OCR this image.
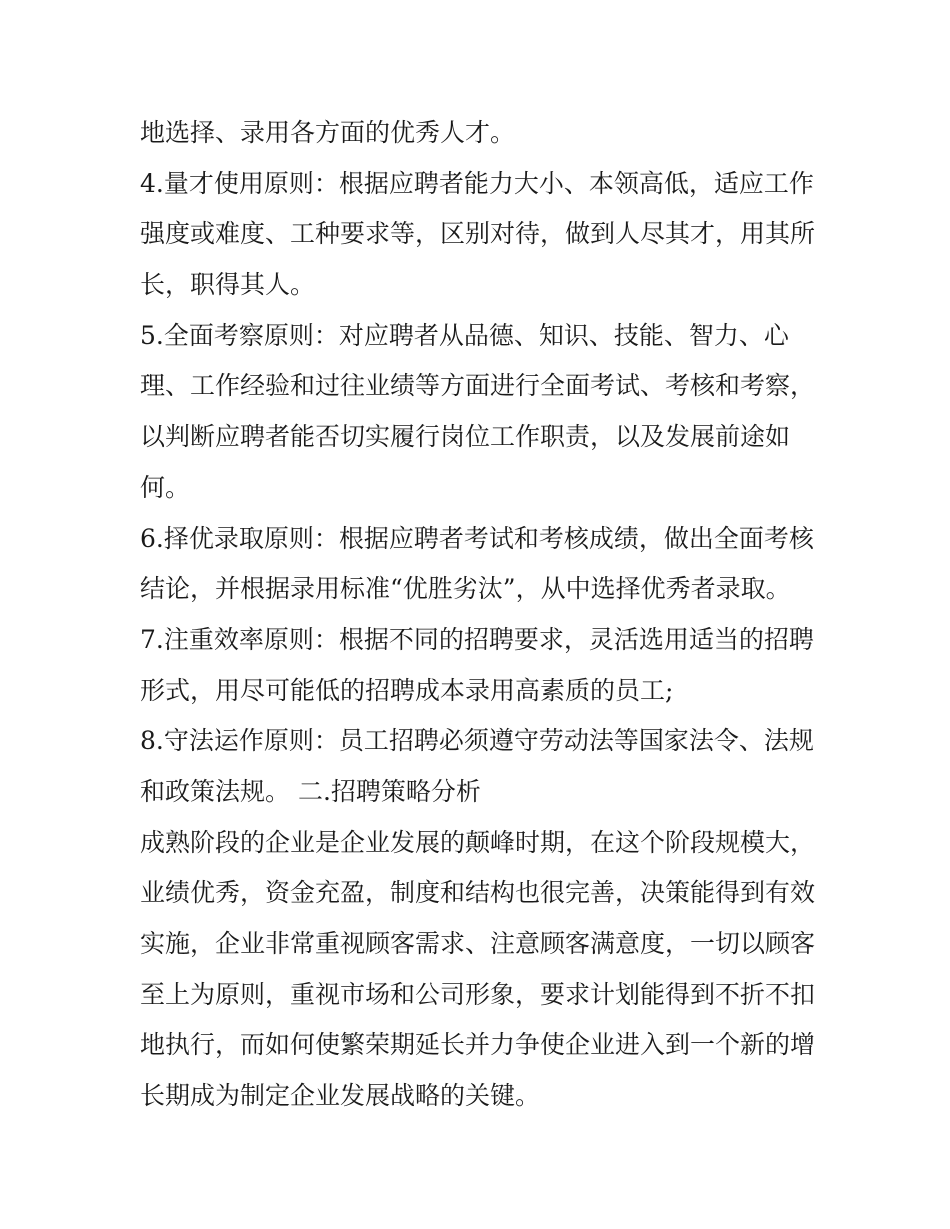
地选择、录用各方面的优秀人才。
4.量才使用原则：根据应聘者能力大小、本领高低，适应工作
强度或难度、工种要求等，区别对待，做到人尽其才，用其所
长，职得其人。
5.全面考察原则：对应聘者从品德、知识、技能、智力、心
理、工作经验和过往业绩等方面进行全面考试、考核和考察，
以判断应聘者能否切实履行岗位工作职责，以及发展前途如
何。
6.择优录取原则：根据应聘者考试和考核成绩，做出全面考核
结论，并根据录用标准“优胜劣汰”，从中选择优秀者录取。
7.注重效率原则：根据不同的招聘要求，灵活选用适当的招聘
形式，用尽可能低的招聘成本录用高素质的员工;
8.守法运作原则：员工招聘必须遵守劳动法等国家法令、法规
和政策法规。 二.招聘策略分析
成熟阶段的企业是企业发展的颠峰时期，在这个阶段规模大，
业绩优秀，资金充盈，制度和结构也很完善，决策能得到有效
实施，企业非常重视顾客需求、注意顾客满意度，一切以顾客
至上为原则，重视市场和公司形象，要求计划能得到不折不扣
地执行，而如何使繁荣期延长并力争使企业进入到一个新的增
长期成为制定企业发展战略的关键。
